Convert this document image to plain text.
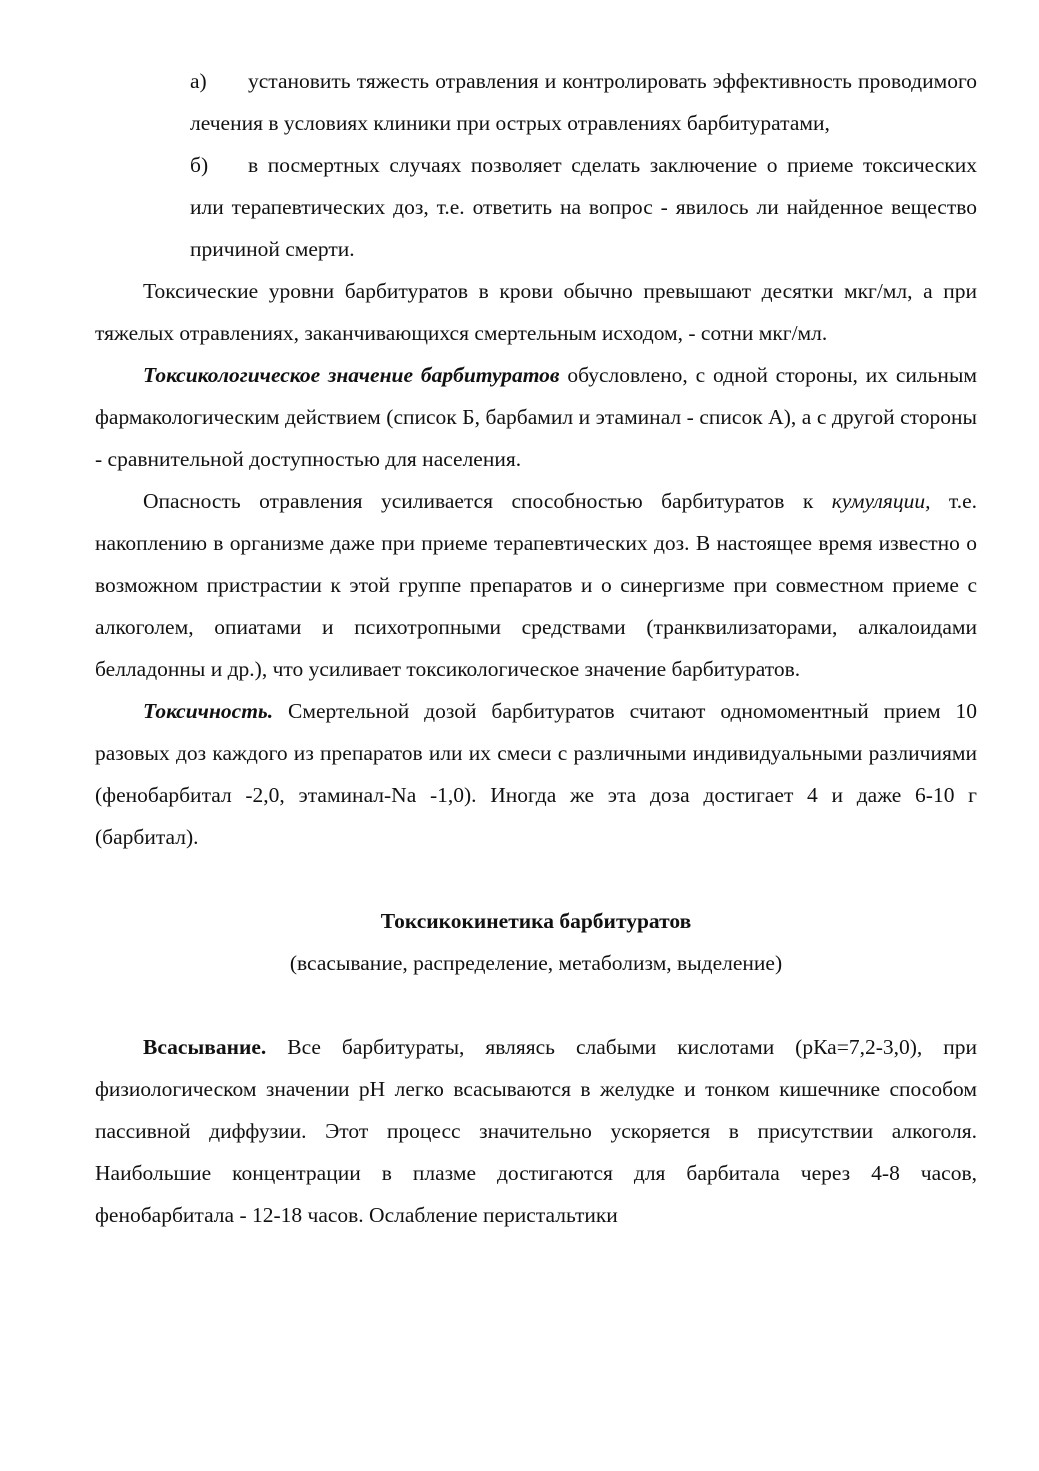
а) установить тяжесть отравления и контролировать эффективность проводимого лечения в условиях клиники при острых отравлениях барбитуратами,

б) в посмертных случаях позволяет сделать заключение о приеме токсических или терапевтических доз, т.е. ответить на вопрос - явилось ли найденное вещество причиной смерти.

Токсические уровни барбитуратов в крови обычно превышают десятки мкг/мл, а при тяжелых отравлениях, заканчивающихся смертельным исходом, - сотни мкг/мл.

Токсикологическое значение барбитуратов обусловлено, с одной стороны, их сильным фармакологическим действием (список Б, барбамил и этаминал - список А), а с другой стороны - сравнительной доступностью для населения.

Опасность отравления усиливается способностью барбитуратов к кумуляции, т.е. накоплению в организме даже при приеме терапевтических доз. В настоящее время известно о возможном пристрастии к этой группе препаратов и о синергизме при совместном приеме с алкоголем, опиатами и психотропными средствами (транквилизаторами, алкалоидами белладонны и др.), что усиливает токсикологическое значение барбитуратов.

Токсичность. Смертельной дозой барбитуратов считают одномоментный прием 10 разовых доз каждого из препаратов или их смеси с различными индивидуальными различиями (фенобарбитал -2,0, этаминал-Na -1,0). Иногда же эта доза достигает 4 и даже 6-10 г (барбитал).

Токсикокинетика барбитуратов

(всасывание, распределение, метаболизм, выделение)

Всасывание. Все барбитураты, являясь слабыми кислотами (рКа=7,2-3,0), при физиологическом значении рН легко всасываются в желудке и тонком кишечнике способом пассивной диффузии. Этот процесс значительно ускоряется в присутствии алкоголя. Наибольшие концентрации в плазме достигаются для барбитала через 4-8 часов, фенобарбитала - 12-18 часов. Ослабление перистальтики
